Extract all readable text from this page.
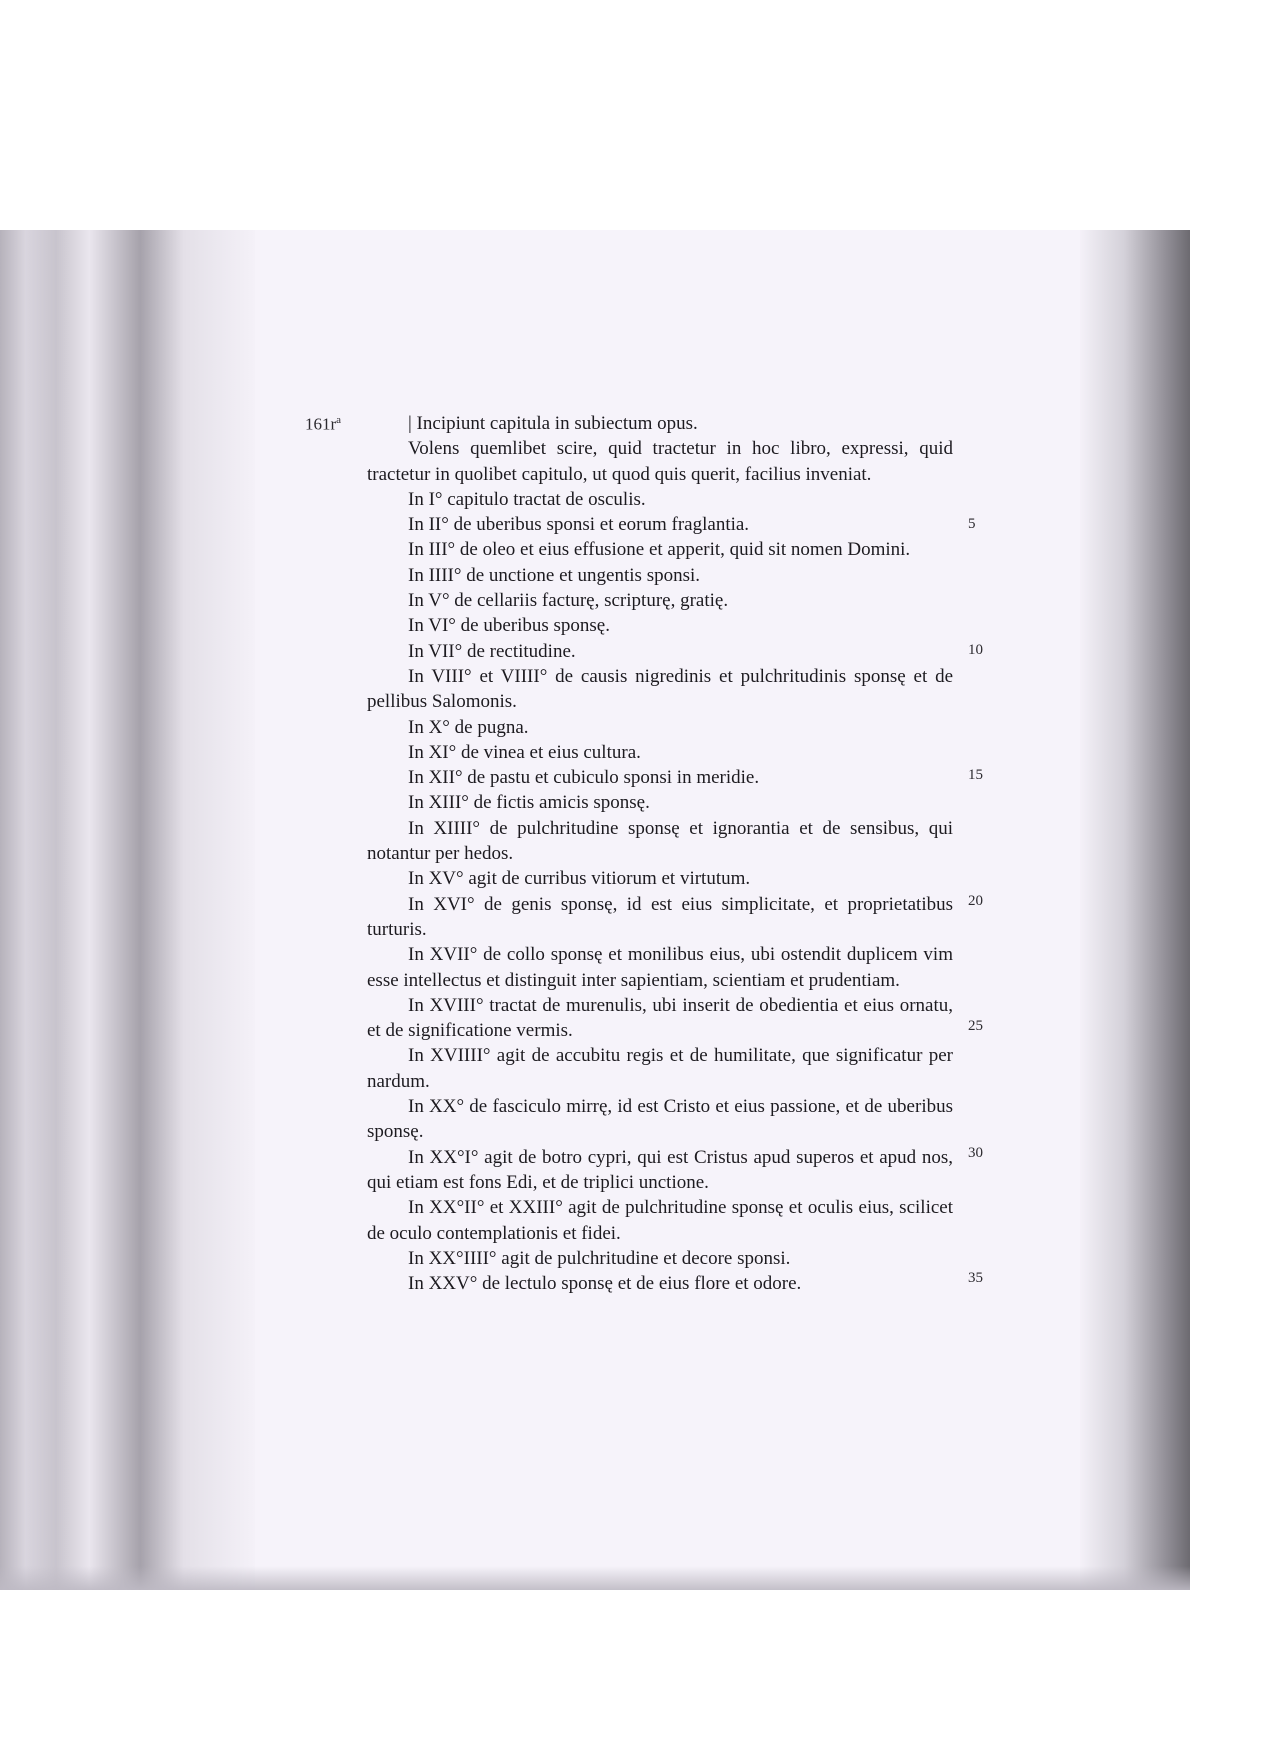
$161r^a$	| Incipiunt capitula in subiectum opus.

Volens quemlibet scire, quid tractetur in hoc libro, expressi, quid tractetur in quolibet capitulo, ut quod quis querit, facilius inveniat.

In I° capitulo tractat de osculis.

In II° de uberibus sponsi et eorum fraglantia.

In III° de oleo et eius effusione et apperit, quid sit nomen Domini.

In IIII° de unctione et ungentis sponsi.

In V° de cellariis facturę, scripturę, gratię.

In VI° de uberibus sponsę.

In VII° de rectitudine.

In VIII° et VIIII° de causis nigredinis et pulchritudinis sponsę et de pellibus Salomonis.

In X° de pugna.

In XI° de vinea et eius cultura.

In XII° de pastu et cubiculo sponsi in meridie.

In XIII° de fictis amicis sponsę.

In XIIII° de pulchritudine sponsę et ignorantia et de sensibus, qui notantur per hedos.

In XV° agit de curribus vitiorum et virtutum.

In XVI° de genis sponsę, id est eius simplicitate, et proprietatibus turturis.

In XVII° de collo sponsę et monilibus eius, ubi ostendit duplicem vim esse intellectus et distinguit inter sapientiam, scientiam et prudentiam.

In XVIII° tractat de murenulis, ubi inserit de obedientia et eius ornatu, et de significatione vermis.

In XVIIII° agit de accubitu regis et de humilitate, que significatur per nardum.

In XX° de fasciculo mirrę, id est Cristo et eius passione, et de uberibus sponsę.

In XX°I° agit de botro cypri, qui est Cristus apud superos et apud nos, qui etiam est fons Edi, et de triplici unctione.

In XX°II° et XXIII° agit de pulchritudine sponsę et oculis eius, scilicet de oculo contemplationis et fidei.

In XX°IIII° agit de pulchritudine et decore sponsi.

In XXV° de lectulo sponsę et de eius flore et odore.

5
10
15
20
25
30
35
